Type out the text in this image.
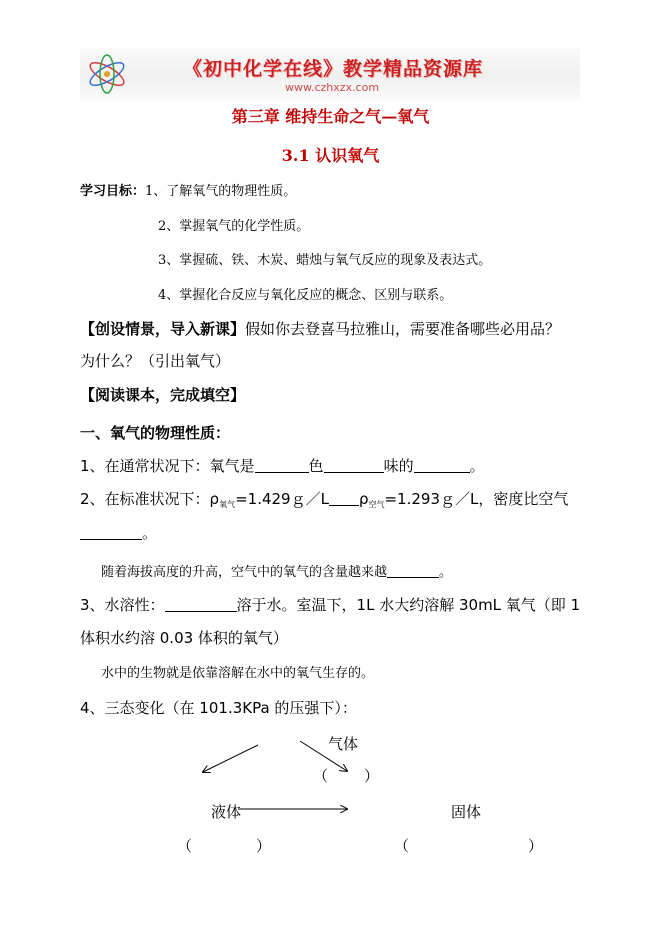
《初中化学在线》教学精品资源库
www.czhxzx.com
第三章 维持生命之气—氧气
3.1 认识氧气
学习目标：1、了解氧气的物理性质。
2、掌握氧气的化学性质。
3、掌握硫、铁、木炭、蜡烛与氧气反应的现象及表达式。
4、掌握化合反应与氧化反应的概念、区别与联系。
【创设情景，导入新课】假如你去登喜马拉雅山，需要准备哪些必用品？
为什么？（引出氧气）
【阅读课本，完成填空】
一、氧气的物理性质：
1、在通常状况下：氧气是	色	味的	。
2、在标准状况下：$\rho_{氧气}=1.429g/L$ $\rho_{空气}=1.293g/L$，密度比空气
。
随着海拔高度的升高，空气中的氧气的含量越来越	。
3、水溶性：	溶于水。室温下，1L 水大约溶解 30mL 氧气（即 1
体积水约溶 0.03 体积的氧气）
水中的生物就是依靠溶解在水中的氧气生存的。
4、三态变化（在 101.3KPa 的压强下）：
气体
（ ）
液体	固体
（	）	（	）
